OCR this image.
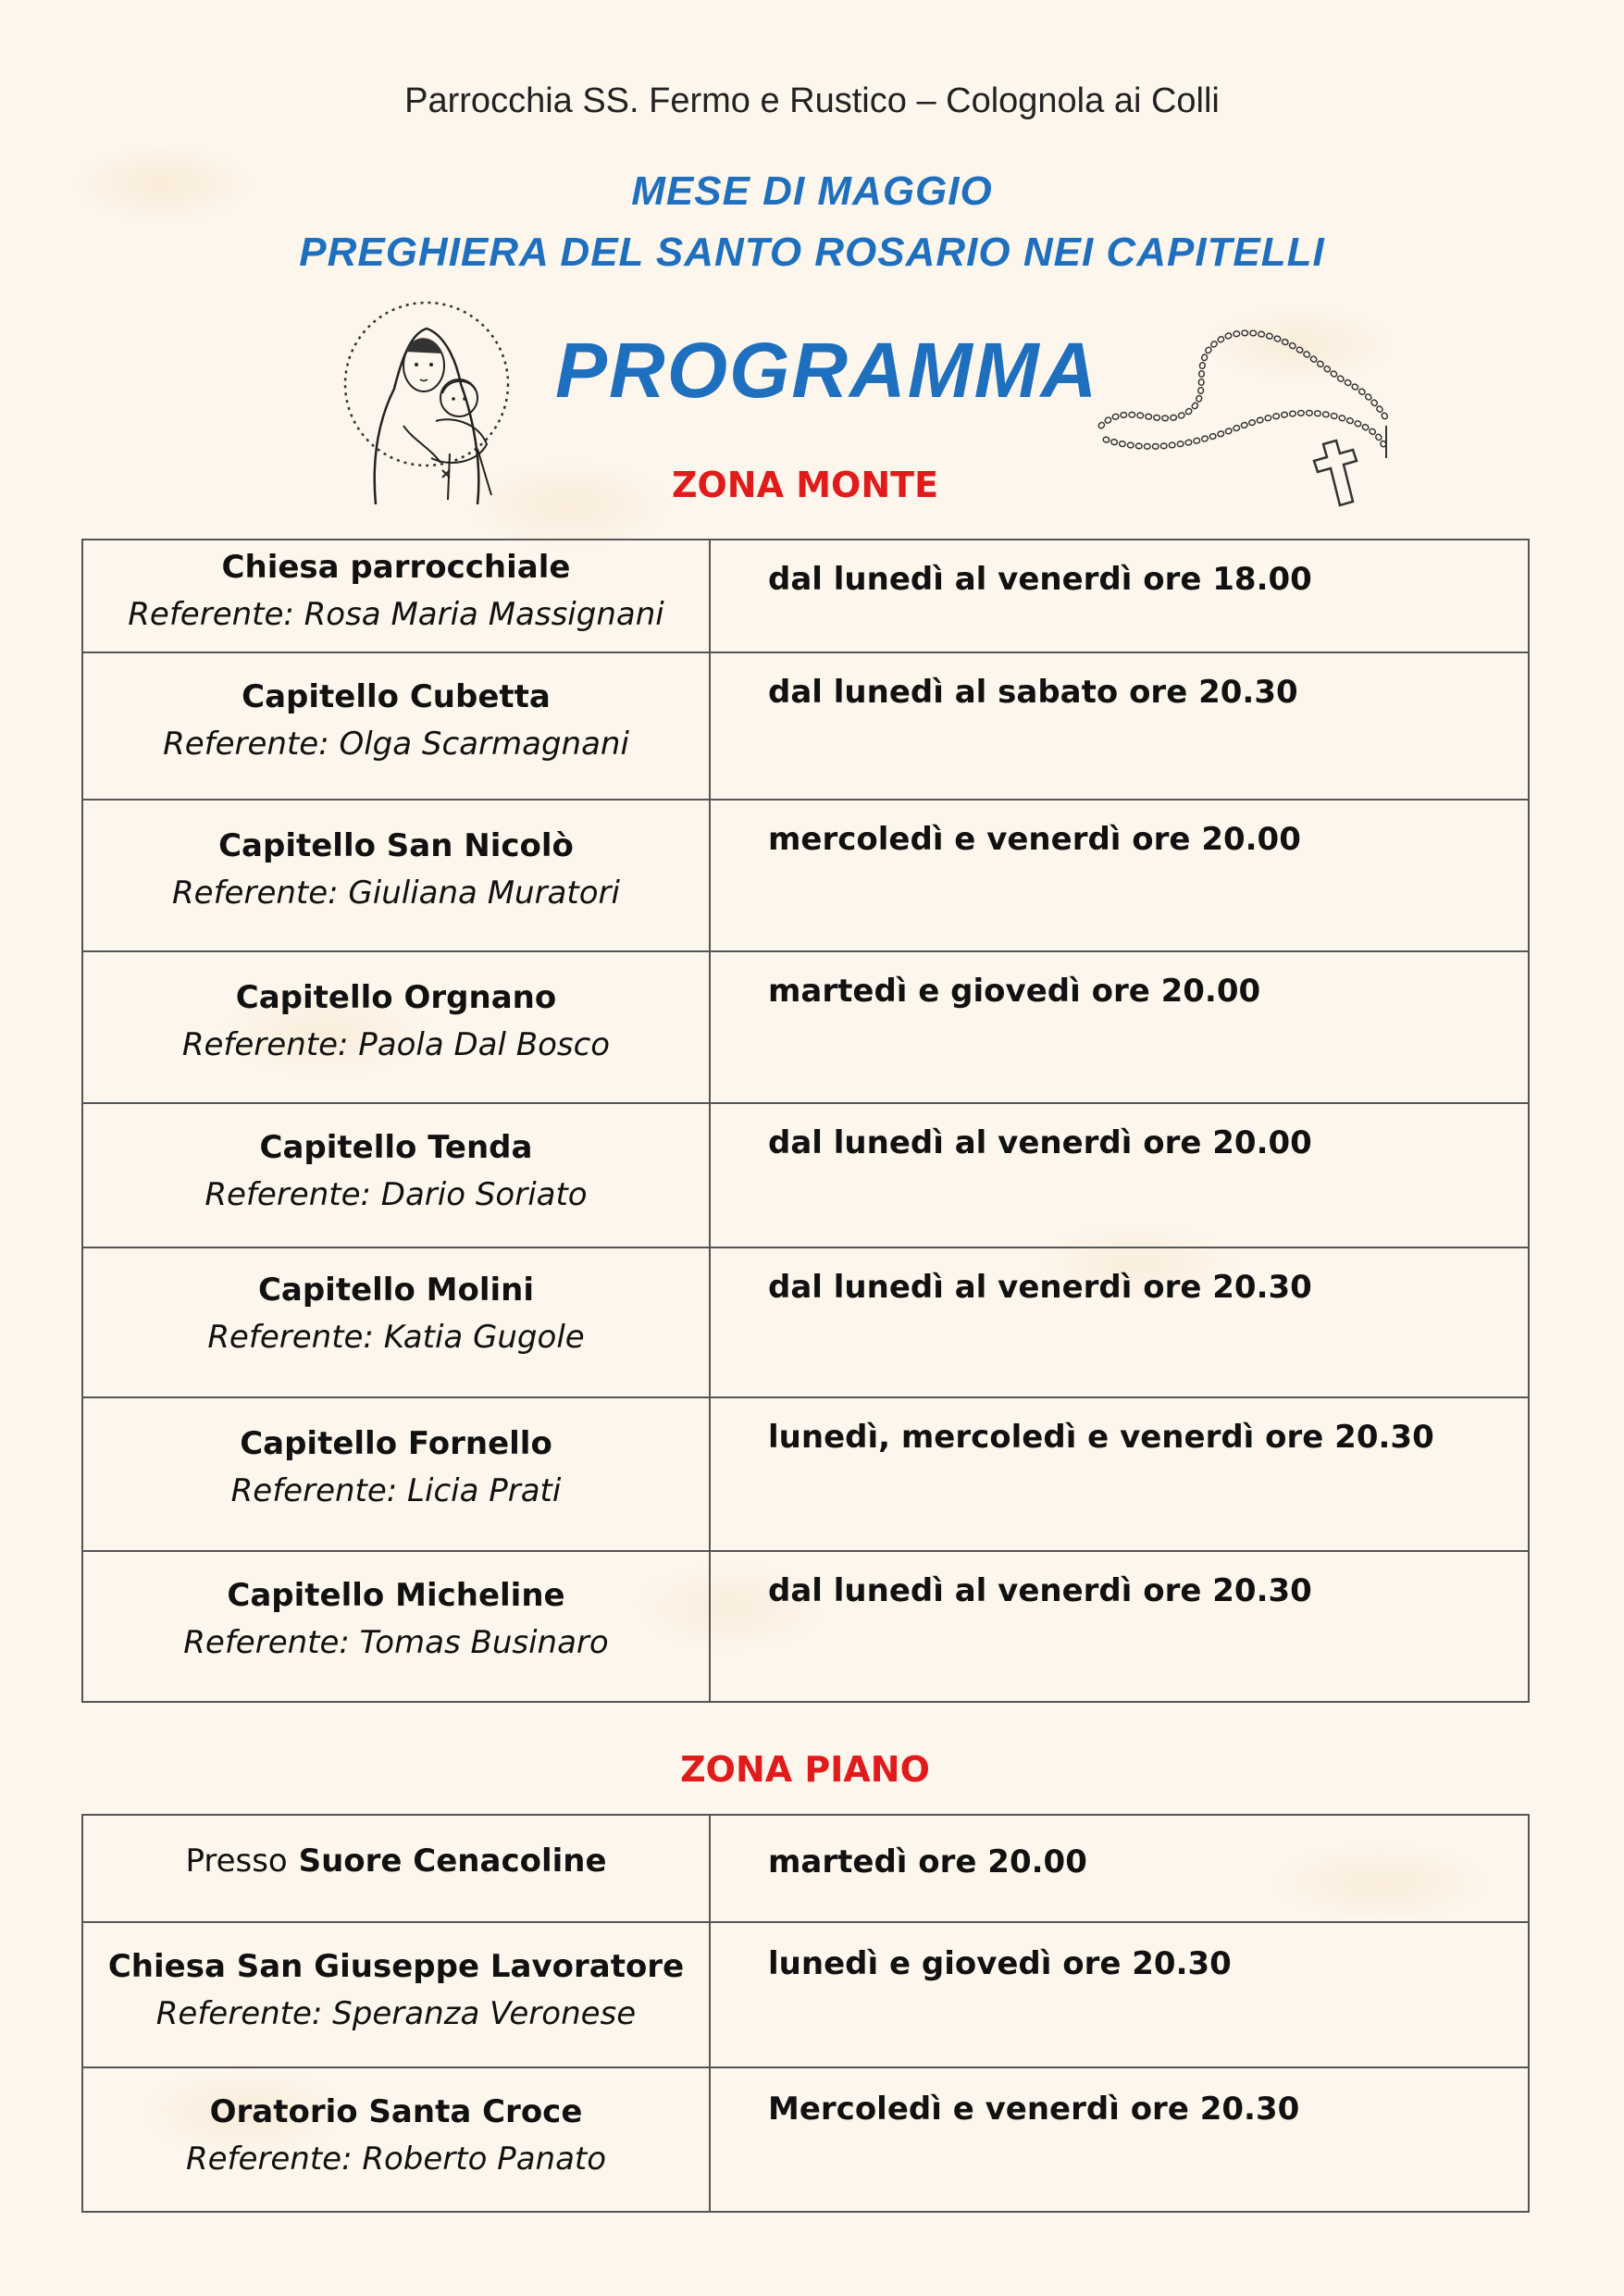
Parrocchia SS. Fermo e Rustico – Colognola ai Colli
MESE DI MAGGIO
PREGHIERA DEL SANTO ROSARIO NEI CAPITELLI
PROGRAMMA
ZONA MONTE
Chiesa parrocchiale
Referente: Rosa Maria Massignani	dal lunedì al venerdì ore 18.00

Capitello Cubetta
Referente: Olga Scarmagnani	dal lunedì al sabato ore 20.30

Capitello San Nicolò
Referente: Giuliana Muratori	mercoledì e venerdì ore 20.00

Capitello Orgnano
Referente: Paola Dal Bosco	martedì e giovedì ore 20.00

Capitello Tenda
Referente: Dario Soriato	dal lunedì al venerdì ore 20.00

Capitello Molini
Referente: Katia Gugole	dal lunedì al venerdì ore 20.30

Capitello Fornello
Referente: Licia Prati	lunedì, mercoledì e venerdì ore 20.30

Capitello Micheline
Referente: Tomas Businaro	dal lunedì al venerdì ore 20.30
ZONA PIANO
Presso Suore Cenacoline	martedì ore 20.00

Chiesa San Giuseppe Lavoratore
Referente: Speranza Veronese	lunedì e giovedì ore 20.30

Oratorio Santa Croce
Referente: Roberto Panato	Mercoledì e venerdì ore 20.30
